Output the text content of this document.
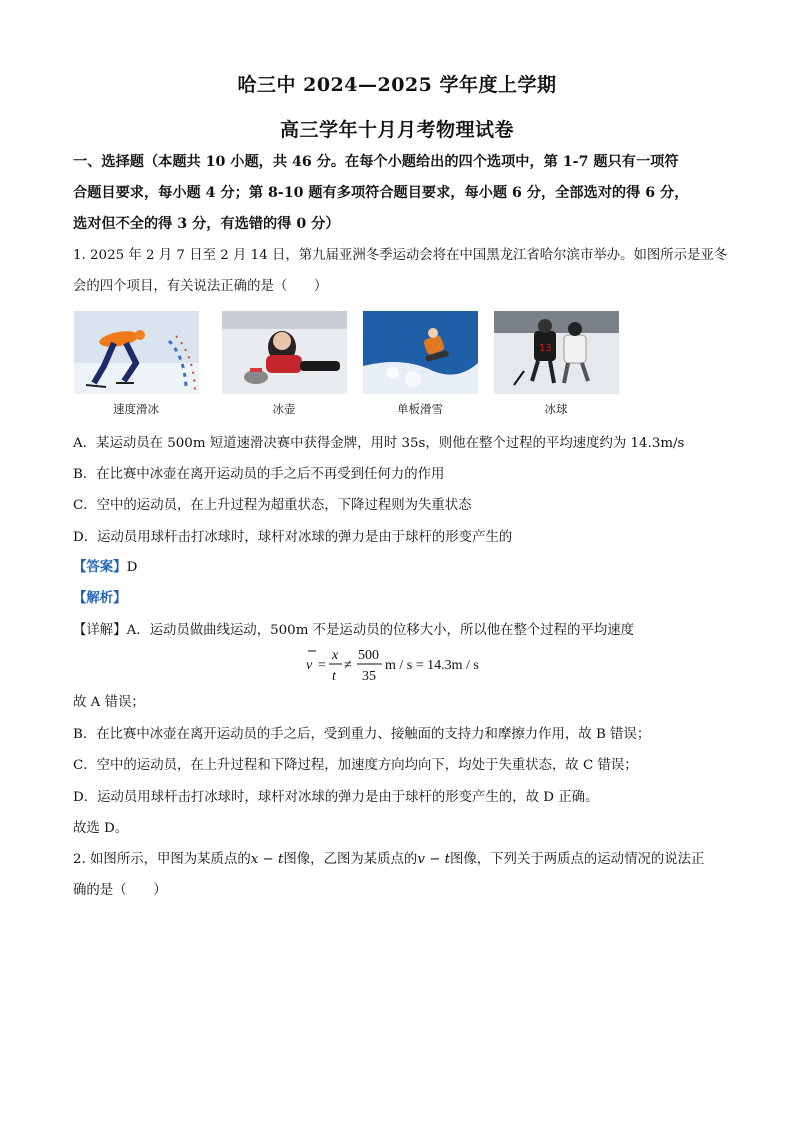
哈三中 2024—2025 学年度上学期
高三学年十月月考物理试卷
一、选择题（本题共 10 小题，共 46 分。在每个小题给出的四个选项中，第 1-7 题只有一项符
合题目要求，每小题 4 分；第 8-10 题有多项符合题目要求，每小题 6 分，全部选对的得 6 分，
选对但不全的得 3 分，有选错的得 0 分）
1. 2025 年 2 月 7 日至 2 月 14 日，第九届亚洲冬季运动会将在中国黑龙江省哈尔滨市举办。如图所示是亚冬
会的四个项目，有关说法正确的是（　　）
速度滑冰	冰壶	单板滑雪
13
冰球
A．某运动员在 500m 短道速滑决赛中获得金牌，用时 35s，则他在整个过程的平均速度约为 14.3m/s
B．在比赛中冰壶在离开运动员的手之后不再受到任何力的作用
C．空中的运动员，在上升过程为超重状态，下降过程则为失重状态
D．运动员用球杆击打冰球时，球杆对冰球的弹力是由于球杆的形变产生的
【答案】D
【解析】
【详解】A．运动员做曲线运动，500m 不是运动员的位移大小，所以他在整个过程的平均速度
v =
x
t
≠
500
35
m / s = 14.3m / s
故 A 错误；
B．在比赛中冰壶在离开运动员的手之后，受到重力、接触面的支持力和摩擦力作用，故 B 错误；
C．空中的运动员，在上升过程和下降过程，加速度方向均向下，均处于失重状态，故 C 错误；
D．运动员用球杆击打冰球时，球杆对冰球的弹力是由于球杆的形变产生的，故 D 正确。
故选 D。
2. 如图所示，甲图为某质点的x − t图像，乙图为某质点的v − t图像，下列关于两质点的运动情况的说法正
确的是（　　）
